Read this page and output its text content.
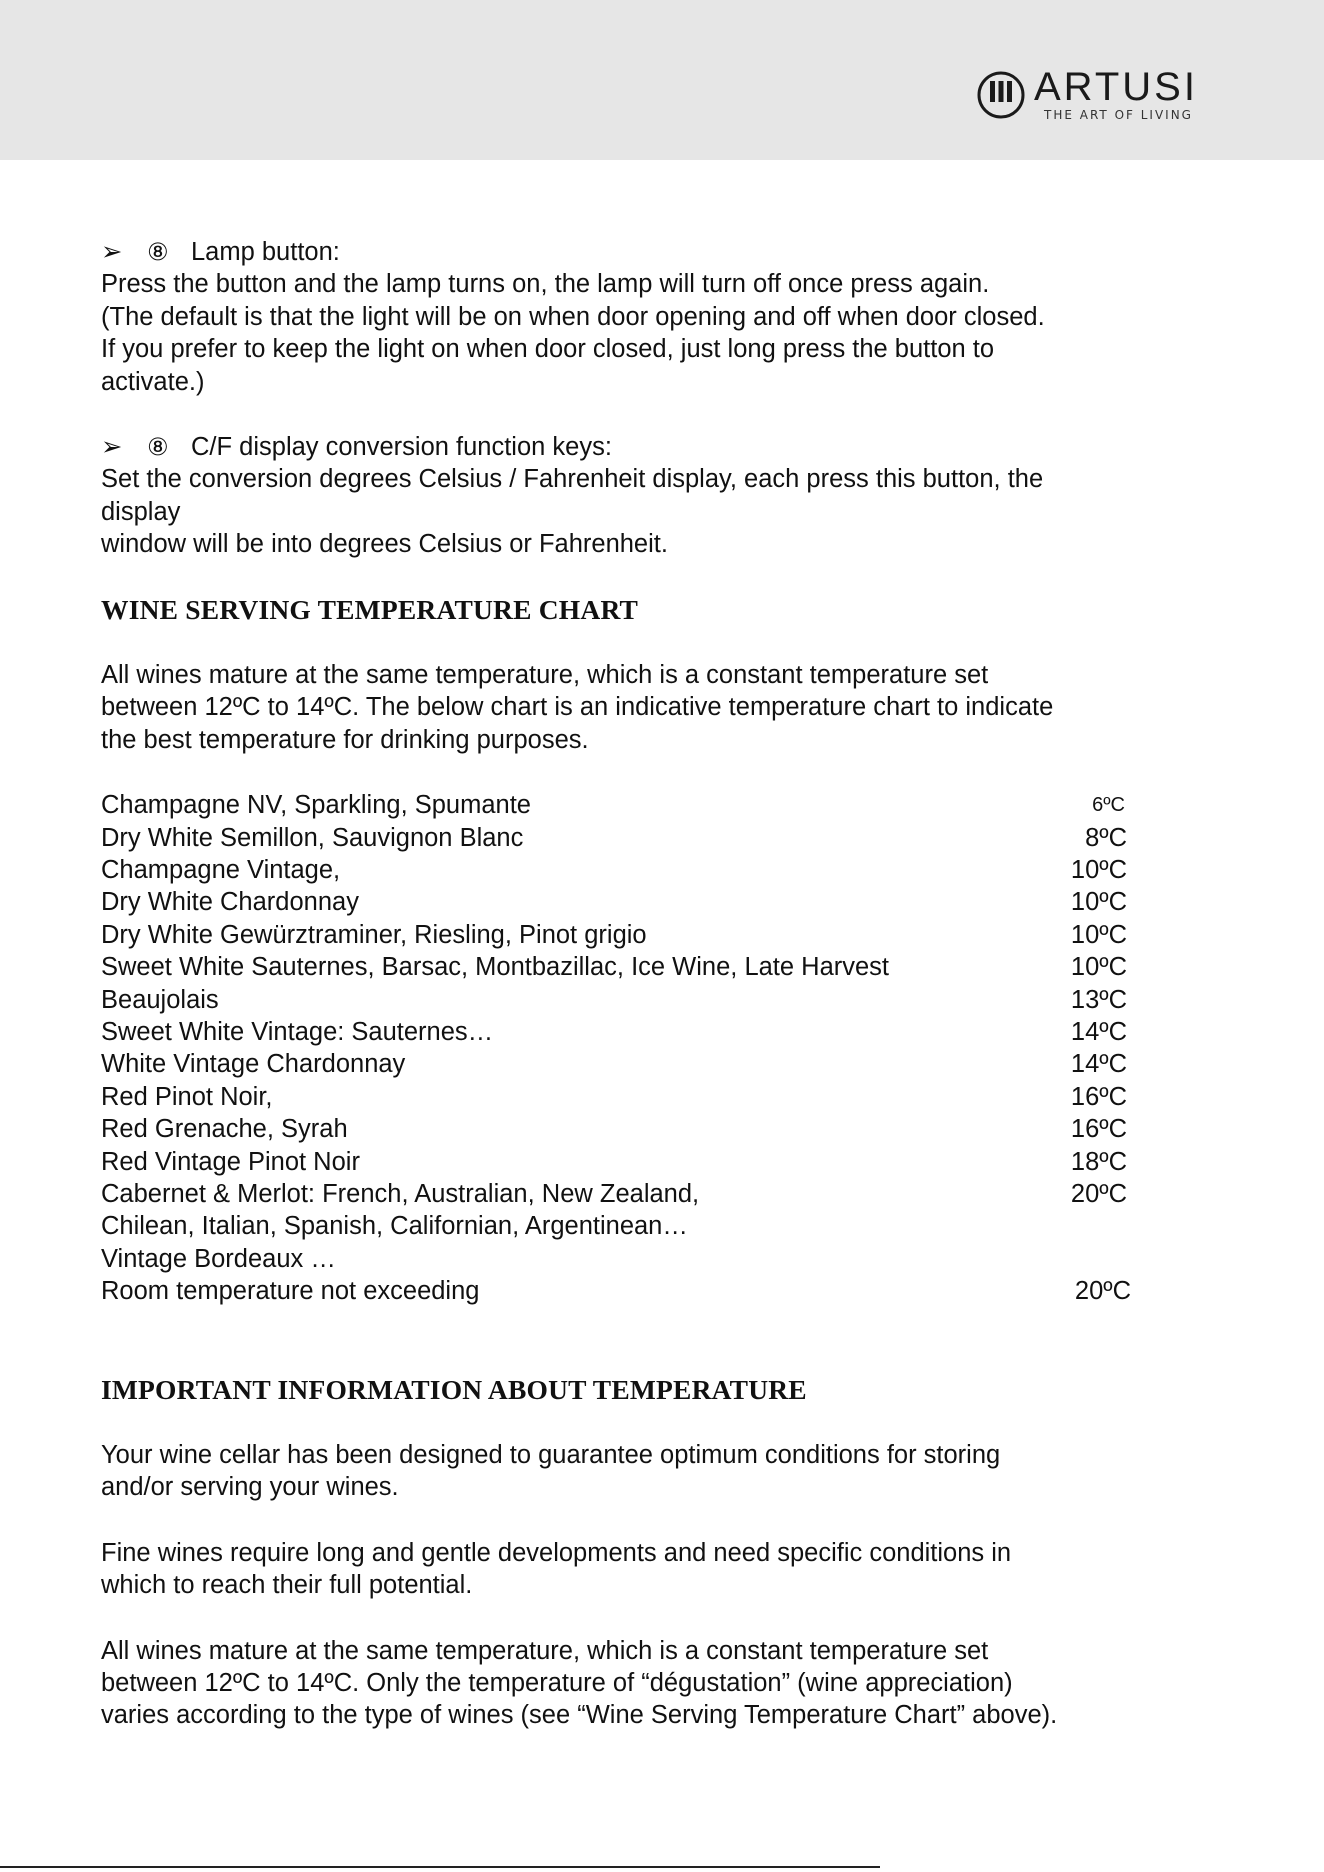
ARTUSI
THE ART OF LIVING
➢	⑧ Lamp button:

Press the button and the lamp turns on, the lamp will turn off once press again.

(The default is that the light will be on when door opening and off when door closed.

If you prefer to keep the light on when door closed, just long press the button to

activate.)

➢	⑧ C/F display conversion function keys:

Set the conversion degrees Celsius / Fahrenheit display, each press this button, the

display

window will be into degrees Celsius or Fahrenheit.

WINE SERVING TEMPERATURE CHART

All wines mature at the same temperature, which is a constant temperature set

between 12ºC to 14ºC. The below chart is an indicative temperature chart to indicate

the best temperature for drinking purposes.

Champagne NV, Sparkling, Spumante	6ºC
Dry White Semillon, Sauvignon Blanc	8ºC
Champagne Vintage,	10ºC
Dry White Chardonnay	10ºC
Dry White Gewürztraminer, Riesling, Pinot grigio	10ºC
Sweet White Sauternes, Barsac, Montbazillac, Ice Wine, Late Harvest	10ºC
Beaujolais	13ºC
Sweet White Vintage: Sauternes…	14ºC
White Vintage Chardonnay	14ºC
Red Pinot Noir,	16ºC
Red Grenache, Syrah	16ºC
Red Vintage Pinot Noir	18ºC
Cabernet & Merlot: French, Australian, New Zealand,	20ºC
Chilean, Italian, Spanish, Californian, Argentinean…
Vintage Bordeaux …
Room temperature not exceeding	20ºC
IMPORTANT INFORMATION ABOUT TEMPERATURE

Your wine cellar has been designed to guarantee optimum conditions for storing

and/or serving your wines.

Fine wines require long and gentle developments and need specific conditions in

which to reach their full potential.

All wines mature at the same temperature, which is a constant temperature set

between 12ºC to 14ºC. Only the temperature of “dégustation” (wine appreciation)

varies according to the type of wines (see “Wine Serving Temperature Chart” above).
